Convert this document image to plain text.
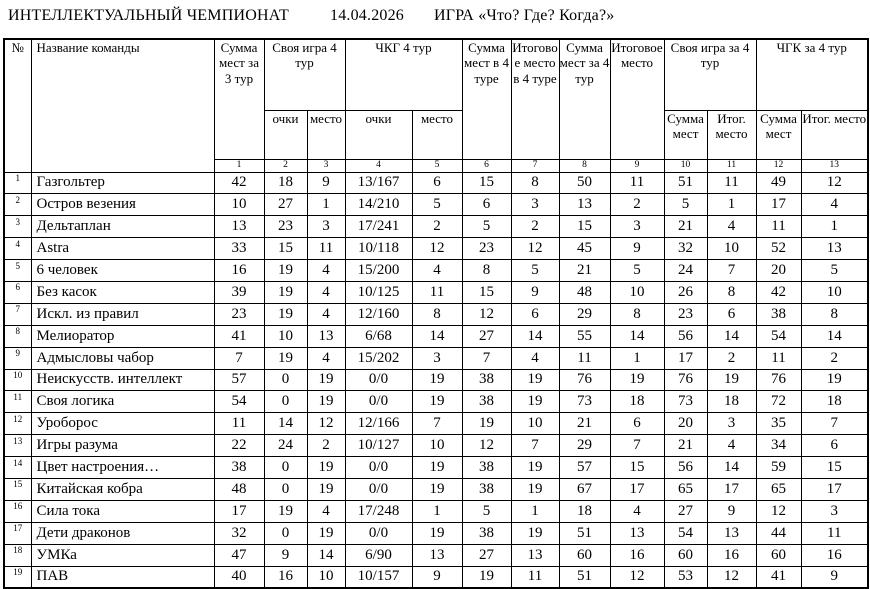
ИНТЕЛЛЕКТУАЛЬНЫЙ ЧЕМПИОНАТ	14.04.2026 ИГРА «Что? Где? Когда?»
№	Название команды	Сумма мест за 3 тур	Своя игра 4 тур		ЧКГ 4 тур		Сумма мест в 4 туре	Итоговое место в 4 туре	Сумма мест за 4 тур	Итоговое место	Своя игра за 4 тур		ЧГК за 4 тур	
			очки	место	очки	место					Сумма мест	Итог. место	Сумма мест	Итог. место
		1	2	3	4	5	6	7	8	9	10	11	12	13
1	Газгольтер	42	18	9	13/167	6	15	8	50	11	51	11	49	12
2	Остров везения	10	27	1	14/210	5	6	3	13	2	5	1	17	4
3	Дельтаплан	13	23	3	17/241	2	5	2	15	3	21	4	11	1
4	Astra	33	15	11	10/118	12	23	12	45	9	32	10	52	13
5	6 человек	16	19	4	15/200	4	8	5	21	5	24	7	20	5
6	Без касок	39	19	4	10/125	11	15	9	48	10	26	8	42	10
7	Искл. из правил	23	19	4	12/160	8	12	6	29	8	23	6	38	8
8	Мелиоратор	41	10	13	6/68	14	27	14	55	14	56	14	54	14
9	Адмысловы чабор	7	19	4	15/202	3	7	4	11	1	17	2	11	2
10	Неискусств. интеллект	57	0	19	0/0	19	38	19	76	19	76	19	76	19
11	Своя логика	54	0	19	0/0	19	38	19	73	18	73	18	72	18
12	Уроборос	11	14	12	12/166	7	19	10	21	6	20	3	35	7
13	Игры разума	22	24	2	10/127	10	12	7	29	7	21	4	34	6
14	Цвет настроения…	38	0	19	0/0	19	38	19	57	15	56	14	59	15
15	Китайская кобра	48	0	19	0/0	19	38	19	67	17	65	17	65	17
16	Сила тока	17	19	4	17/248	1	5	1	18	4	27	9	12	3
17	Дети драконов	32	0	19	0/0	19	38	19	51	13	54	13	44	11
18	УМКа	47	9	14	6/90	13	27	13	60	16	60	16	60	16
19	ПАВ	40	16	10	10/157	9	19	11	51	12	53	12	41	9
